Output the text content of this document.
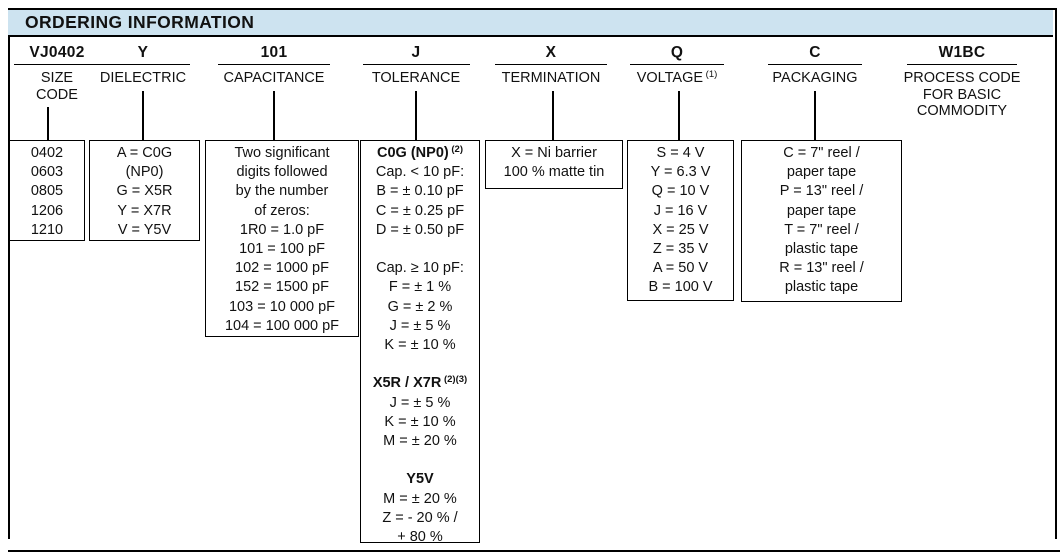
ORDERING INFORMATION
VJ0402
SIZE
CODE
0402
0603
0805
1206
1210
Y
DIELECTRIC
A = C0G
(NP0)
G = X5R
Y = X7R
V = Y5V
101
CAPACITANCE
Two significant
digits followed
by the number
of zeros:
1R0 = 1.0 pF
101 = 100 pF
102 = 1000 pF
152 = 1500 pF
103 = 10 000 pF
104 = 100 000 pF
J
TOLERANCE
C0G (NP0) $^{(2)}$
Cap. < 10 pF:
B = ± 0.10 pF
C = ± 0.25 pF
D = ± 0.50 pF

Cap. ≥ 10 pF:
F = ± 1 %
G = ± 2 %
J = ± 5 %
K = ± 10 %

X5R / X7R $^{(2)(3)}$
J = ± 5 %
K = ± 10 %
M = ± 20 %

Y5V
M = ± 20 %
Z = - 20 % /
+ 80 %
X
TERMINATION
X = Ni barrier
100 % matte tin
Q
VOLTAGE $^{(1)}$
S = 4 V
Y = 6.3 V
Q = 10 V
J = 16 V
X = 25 V
Z = 35 V
A = 50 V
B = 100 V
C
PACKAGING
C = 7" reel /
paper tape
P = 13" reel /
paper tape
T = 7" reel /
plastic tape
R = 13" reel /
plastic tape
W1BC
PROCESS CODE
FOR BASIC
COMMODITY
